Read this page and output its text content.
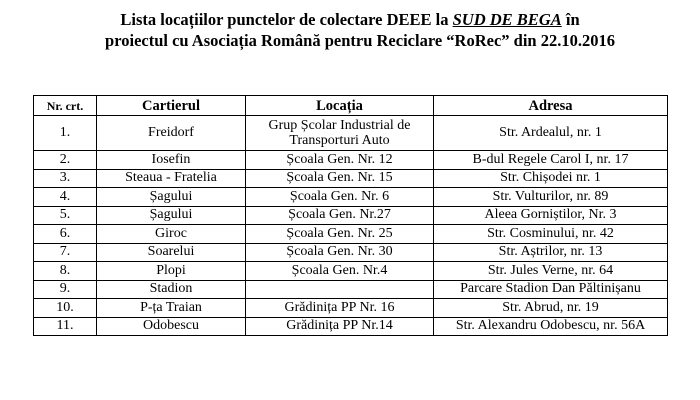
Lista locațiilor punctelor de colectare DEEE la SUD DE BEGA în
proiectul cu Asociația Română pentru Reciclare “RoRec” din 22.10.2016
Nr. crt.	Cartierul	Locația	Adresa
1.	Freidorf	Grup Școlar Industrial de Transporturi Auto	Str. Ardealul, nr. 1
2.	Iosefin	Școala Gen. Nr. 12	B-dul Regele Carol I, nr. 17
3.	Steaua - Fratelia	Școala Gen. Nr. 15	Str. Chișodei nr. 1
4.	Șagului	Școala Gen. Nr. 6	Str. Vulturilor, nr. 89
5.	Șagului	Școala Gen. Nr.27	Aleea Gorniștilor, Nr. 3
6.	Giroc	Școala Gen. Nr. 25	Str. Cosminului, nr. 42
7.	Soarelui	Școala Gen. Nr. 30	Str. Aștrilor, nr. 13
8.	Plopi	Școala Gen. Nr.4	Str. Jules Verne, nr. 64
9.	Stadion		Parcare Stadion Dan Păltinișanu
10.	P-ța Traian	Grădinița PP Nr. 16	Str. Abrud, nr. 19
11.	Odobescu	Grădinița PP Nr.14	Str. Alexandru Odobescu, nr. 56A
